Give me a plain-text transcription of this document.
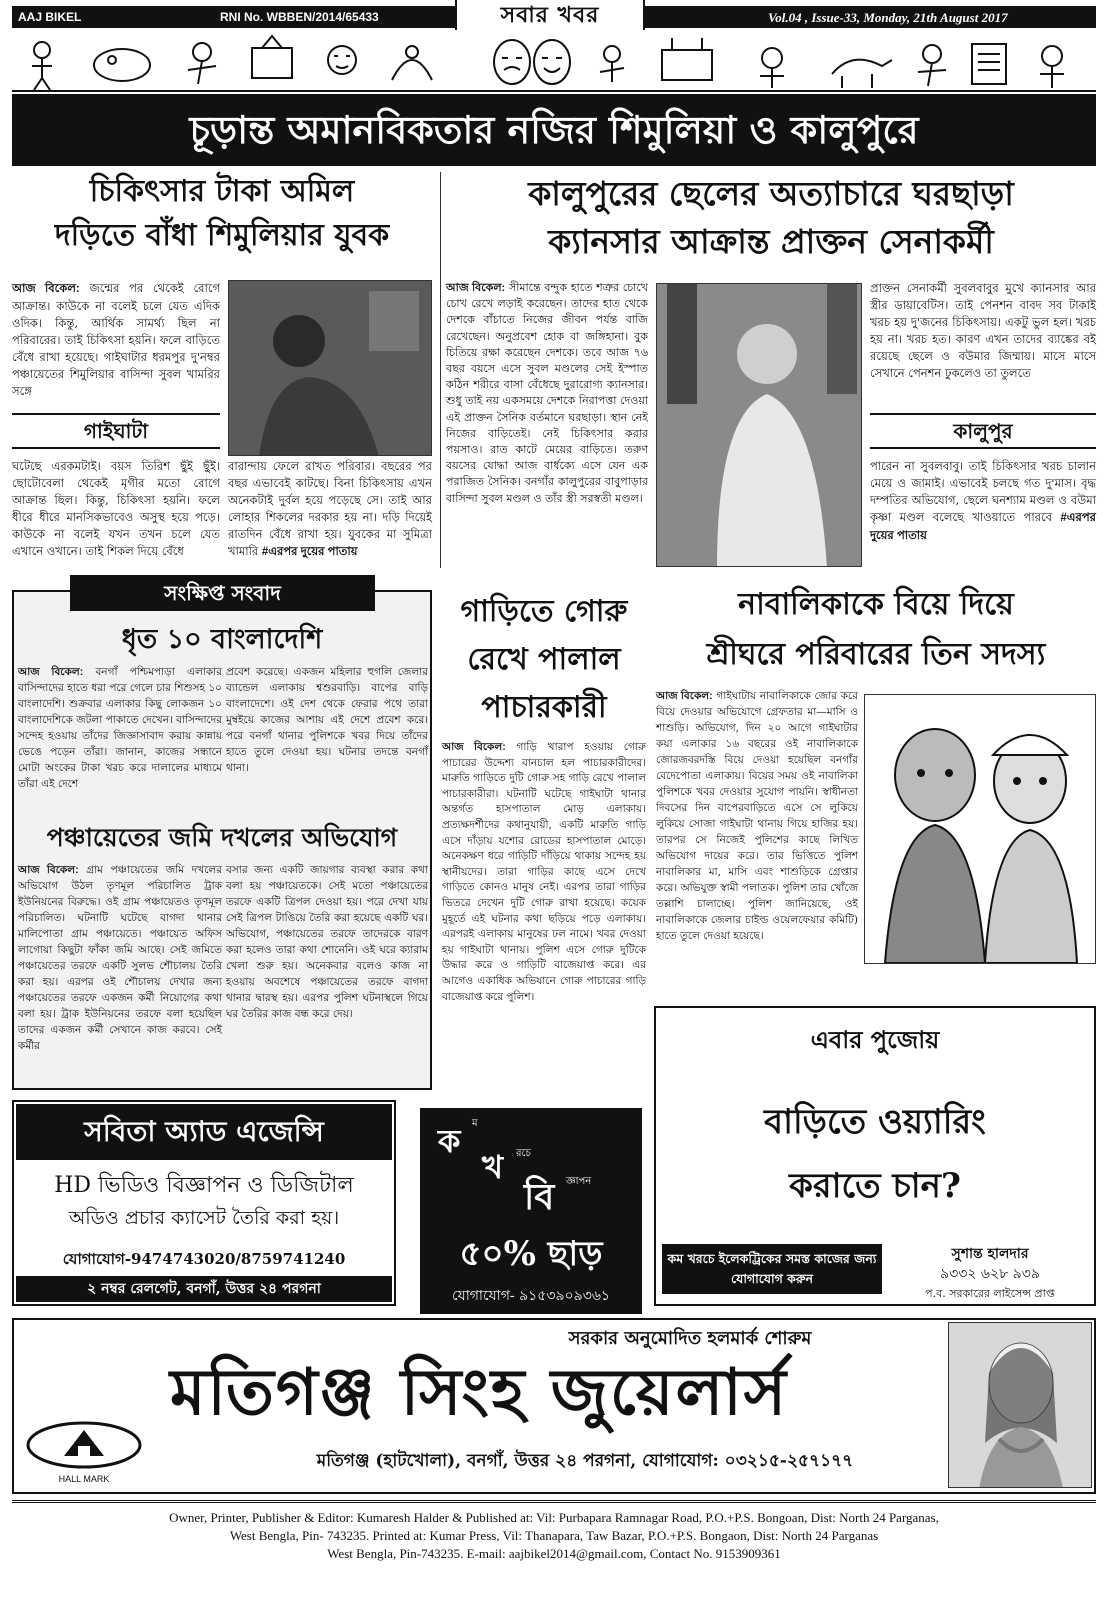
AAJ BIKEL	RNI No. WBBEN/2014/65433	Vol.04 , Issue-33, Monday, 21th August 2017
সবার খবর
চূড়ান্ত অমানবিকতার নজির শিমুলিয়া ও কালুপুরে
চিকিৎসার টাকা অমিল
দড়িতে বাঁধা শিমুলিয়ার যুবক
আজ বিকেল: জন্মের পর থেকেই রোগে আক্রান্ত। কাউকে না বলেই চলে যেত এদিক ওদিক। কিন্তু, আর্থিক সামর্থ্য ছিল না পরিবারের। তাই চিকিৎসা হয়নি। ফলে বাড়িতে বেঁধে রাখা হয়েছে। গাইঘাটার ধরমপুর দু'নম্বর পঞ্চায়েতের শিমুলিয়ার বাসিন্দা সুবল খামরির সঙ্গে
গাইঘাটা
ঘটেছে এরকমটাই। বয়স তিরিশ ছুঁই ছুঁই। ছোটোবেলা থেকেই মৃগীর মতো রোগে আক্রান্ত ছিল। কিন্তু, চিকিৎসা হয়নি। ফলে ধীরে ধীরে মানসিকভাবেও অসুস্থ হয়ে পড়ে। কাউকে না বলেই যখন তখন চলে যেত এখানে ওখানে। তাই শিকল দিয়ে বেঁধে
বারান্দায় ফেলে রাখত পরিবার। বছরের পর বছর এভাবেই কাটছে। বিনা চিকিৎসায় এখন অনেকটাই দুর্বল হয়ে পড়েছে সে। তাই আর লোহার শিকলের দরকার হয় না। দড়ি দিয়েই রাতদিন বেঁধে রাখা হয়। যুবকের মা সুমিত্রা খামারি #এরপর দুয়ের পাতায়
কালুপুরের ছেলের অত্যাচারে ঘরছাড়া
ক্যানসার আক্রান্ত প্রাক্তন সেনাকর্মী
আজ বিকেল: সীমান্তে বন্দুক হাতে শত্রুর চোখে চোখ রেখে লড়াই করেছেন। তাদের হাত থেকে দেশকে বাঁচাতে নিজের জীবন পর্যন্ত বাজি রেখেছেন। অনুপ্রবেশ হোক বা জঙ্গিহানা। বুক চিতিয়ে রক্ষা করেছেন দেশকে। তবে আজ ৭৬ বছর বয়সে এসে সুবল মণ্ডলের সেই ইস্পাত কঠিন শরীরে বাসা বেঁধেছে দুরারোগ্য ক্যানসার। শুধু তাই নয় একসময়ে দেশকে নিরাপত্তা দেওয়া এই প্রাক্তন সৈনিক বর্তমানে ঘরছাড়া। স্থান নেই নিজের বাড়িতেই। নেই চিকিৎসার করার পয়সাও। রাত কাটে মেয়ের বাড়িতে। তরুণ বয়সের যোদ্ধা আজ বার্ধক্যে এসে যেন এক পরাজিত সৈনিক। বনগাঁর কালুপুরের বাবুপাড়ার বাসিন্দা সুবল মণ্ডল ও তাঁর স্ত্রী সরস্বতী মণ্ডল।
প্রাক্তন সেনাকর্মী সুবলবাবুর মুখে ক্যানসার আর স্ত্রীর ডায়াবেটিস। তাই পেনশন বাবদ সব টাকাই খরচ হয় দু'জনের চিকিৎসায়। একটু ভুল হল। খরচ হয় না। খরচ হত। কারণ এখন তাদের ব্যাঙ্কের বই রয়েছে ছেলে ও বউমার জিম্মায়। মাসে মাসে সেখানে পেনশন ঢুকলেও তা তুলতে
কালুপুর
পারেন না সুবলবাবু। তাই চিকিৎসার খরচ চালান মেয়ে ও জামাই। এভাবেই চলছে গত দু'মাস। বৃদ্ধ দম্পতির অভিযোগ, ছেলে ঘনশ্যাম মণ্ডল ও বউমা কৃষ্ণা মণ্ডল বলেছে খাওয়াতে পারবে #এরপর দুয়ের পাতায়
সংক্ষিপ্ত সংবাদ
ধৃত ১০ বাংলাদেশি
আজ বিকেল: বনগাঁ পশ্চিমপাড়া এলাকার বাসিন্দাদের হাতে ধরা পরে গেলে চার শিশুসহ ১০ বাংলাদেশি। শুক্রবার এলাকার কিছু লোকজন ১০ বাংলাদেশিকে জটলা পাকাতে দেখেন। বাসিন্দাদের সন্দেহ হওয়ায় তাঁদের জিজ্ঞাসাবাদ করায় কান্নায় ভেঙে পড়েন তাঁরা। জানান, কাজের সন্ধানে মোটা অংকের টাকা খরচ করে দালালের মাধ্যমে তাঁরা এই দেশে
প্রবেশ করেছে। একজন মহিলার হুগলি জেলার ব্যান্ডেল এলাকায় শ্বশুরবাড়ি। বাপের বাড়ি বাংলাদেশে। ওই দেশ থেকে ফেরার পথে তারা মুম্বইয়ে কাজের আশায় এই দেশে প্রবেশ করে। পরে বনগাঁ থানার পুলিশকে খবর দিয়ে তাঁদের হাতে তুলে দেওয়া হয়। ঘটনার তদন্তে বনগাঁ থানা।
পঞ্চায়েতের জমি দখলের অভিযোগ
আজ বিকেল: গ্রাম পঞ্চায়েতের জমি দখলের অভিযোগ উঠল তৃণমূল পরিচালিত ট্রাক ইউনিয়নের বিরুদ্ধে। ওই গ্রাম পঞ্চায়েতও তৃণমূল পরিচালিত। ঘটনাটি ঘটেছে বাগদা থানার মালিপোতা গ্রাম পঞ্চায়েতে। পঞ্চায়েত অফিস লাগোয়া কিছুটা ফাঁকা জমি আছে। সেই জমিতে পঞ্চায়েতের তরফে একটি সুলভ শৌচালয় তৈরি করা হয়। এরপর ওই শৌচালয় দেখার জন্য পঞ্চায়েতের তরফে একজন কর্মী নিয়োগের কথা বলা হয়। ট্রাক ইউনিয়নের তরফে বলা হয়েছিল তাদের একজন কর্মী সেখানে কাজ করবে। সেই কর্মীর
বসার জন্য একটি জায়গার ব্যবস্থা করার কথা বলা হয় পঞ্চায়েতকে। সেই মতো পঞ্চায়েতের তরফে একটি ত্রিপল দেওয়া হয়। পরে দেখা যায় সেই ত্রিপল টাঙিয়ে তৈরি করা হয়েছে একটি ঘর। অভিযোগ, পঞ্চায়েতের তরফে তাদেরকে বারণ করা হলেও তারা কথা শোনেনি। ওই ঘরে ক্যারাম খেলা শুরু হয়। অনেকবার বলেও কাজ না হওয়ায় অবশেষে পঞ্চায়েতের তরফে বাগদা থানার দ্বারস্থ হয়। এরপর পুলিশ ঘটনাস্থলে গিয়ে ঘর তৈরির কাজ বন্ধ করে দেয়।
গাড়িতে গোরু
রেখে পালাল
পাচারকারী
আজ বিকেল: গাড়ি খারাপ হওয়ায় গোরু পাচারের উদ্দেশ্য বানচাল হল পাচারকারীদের। মারুতি গাড়িতে দুটি গোরু সহ গাড়ি রেখে পালাল পাচারকারীরা। ঘটনাটি ঘটেছে গাইঘাটা থানার অন্তর্গত হাসপাতাল মোড় এলাকায়। প্রত্যক্ষদর্শীদের কথানুযায়ী, একটি মারুতি গাড়ি এসে দাঁড়ায় যশোর রোডের হাসপাতাল মোড়ে। অনেকক্ষণ ধরে গাড়িটি দাঁড়িয়ে থাকায় সন্দেহ হয় স্থানীয়দের। তারা গাড়ির কাছে এসে দেখে গাড়িতে কোনও মানুষ নেই। এরপর তারা গাড়ির ভিতরে দেখেন দুটি গোরু রাখা হয়েছে। কয়েক মুহূর্তে এই ঘটনার কথা ছড়িয়ে পড়ে এলাকায়। এরপরই এলাকায় মানুষের ঢল নামে। খবর দেওয়া হয় গাইঘাটা থানায়। পুলিশ এসে গোরু দুটিকে উদ্ধার করে ও গাড়িটি বাজেয়াপ্ত করে। এর আগেও একাধিক অভিযানে গোরু পাচারের গাড়ি বাজেয়াপ্ত করে পুলিশ।
নাবালিকাকে বিয়ে দিয়ে
শ্রীঘরে পরিবারের তিন সদস্য
আজ বিকেল: গাইঘাটায় নাবালিকাকে জোর করে বিয়ে দেওয়ার অভিযোগে গ্রেফতার মা—মাসি ও শাশুড়ি। অভিযোগ, দিন ২০ আগে গাইঘাটার কয়া এলাকার ১৬ বছরের ওই নাবালিকাকে জোরজবরদস্তি বিয়ে দেওয়া হয়েছিল বনগাঁর বেদেপোতা এলাকায়। বিয়ের সময় ওই নাবালিকা পুলিশকে খবর দেওয়ার সুযোগ পায়নি। স্বাধীনতা দিবসের দিন বাপেরবাড়িতে এসে সে লুকিয়ে লুকিয়ে সোজা গাইঘাটা থানায় গিয়ে হাজির হয়। তারপর সে নিজেই পুলিশের কাছে লিখিত অভিযোগ দায়ের করে। তার ভিত্তিতে পুলিশ নাবালিকার মা, মাসি এবং শাশুড়িকে গ্রেপ্তার করে। অভিযুক্ত স্বামী পলাতক। পুলিশ তার খোঁজে তল্লাশি চালাচ্ছে। পুলিশ জানিয়েছে, ওই নাবালিকাকে জেলার চাইল্ড ওয়েলফেয়ার কমিটি) হাতে তুলে দেওয়া হয়েছে।
সবিতা অ্যাড এজেন্সি
HD ভিডিও বিজ্ঞাপন ও ডিজিটাল
অডিও প্রচার ক্যাসেট তৈরি করা হয়।
যোগাযোগ-9474743020/8759741240
২ নম্বর রেলগেট, বনগাঁ, উত্তর ২৪ পরগনা
ক ম
খ রচে
বি জ্ঞাপন
৫০% ছাড়
যোগাযোগ- ৯১৫৩৯০৯৩৬১
এবার পুজোয়
বাড়িতে ওয়্যারিং
করাতে চান?
কম খরচে ইলেকট্রিকের সমস্ত কাজের জন্য যোগাযোগ করুন
সুশান্ত হালদার
৯৩৩২ ৬২৮ ৯৩৯
প.ব. সরকারের লাইসেন্স প্রাপ্ত
সরকার অনুমোদিত হলমার্ক শোরুম
মতিগঞ্জ সিংহ জুয়েলার্স
HALL MARK
মতিগঞ্জ (হাটখোলা), বনগাঁ, উত্তর ২৪ পরগনা, যোগাযোগ: ০৩২১৫-২৫৭১৭৭
Owner, Printer, Publisher & Editor: Kumaresh Halder & Published at: Vil: Purbapara Ramnagar Road, P.O.+P.S. Bongoan, Dist: North 24 Parganas,
West Bengla, Pin- 743235. Printed at: Kumar Press, Vil: Thanapara, Taw Bazar, P.O.+P.S. Bongaon, Dist: North 24 Parganas
West Bengla, Pin-743235. E-mail: aajbikel2014@gmail.com, Contact No. 9153909361
